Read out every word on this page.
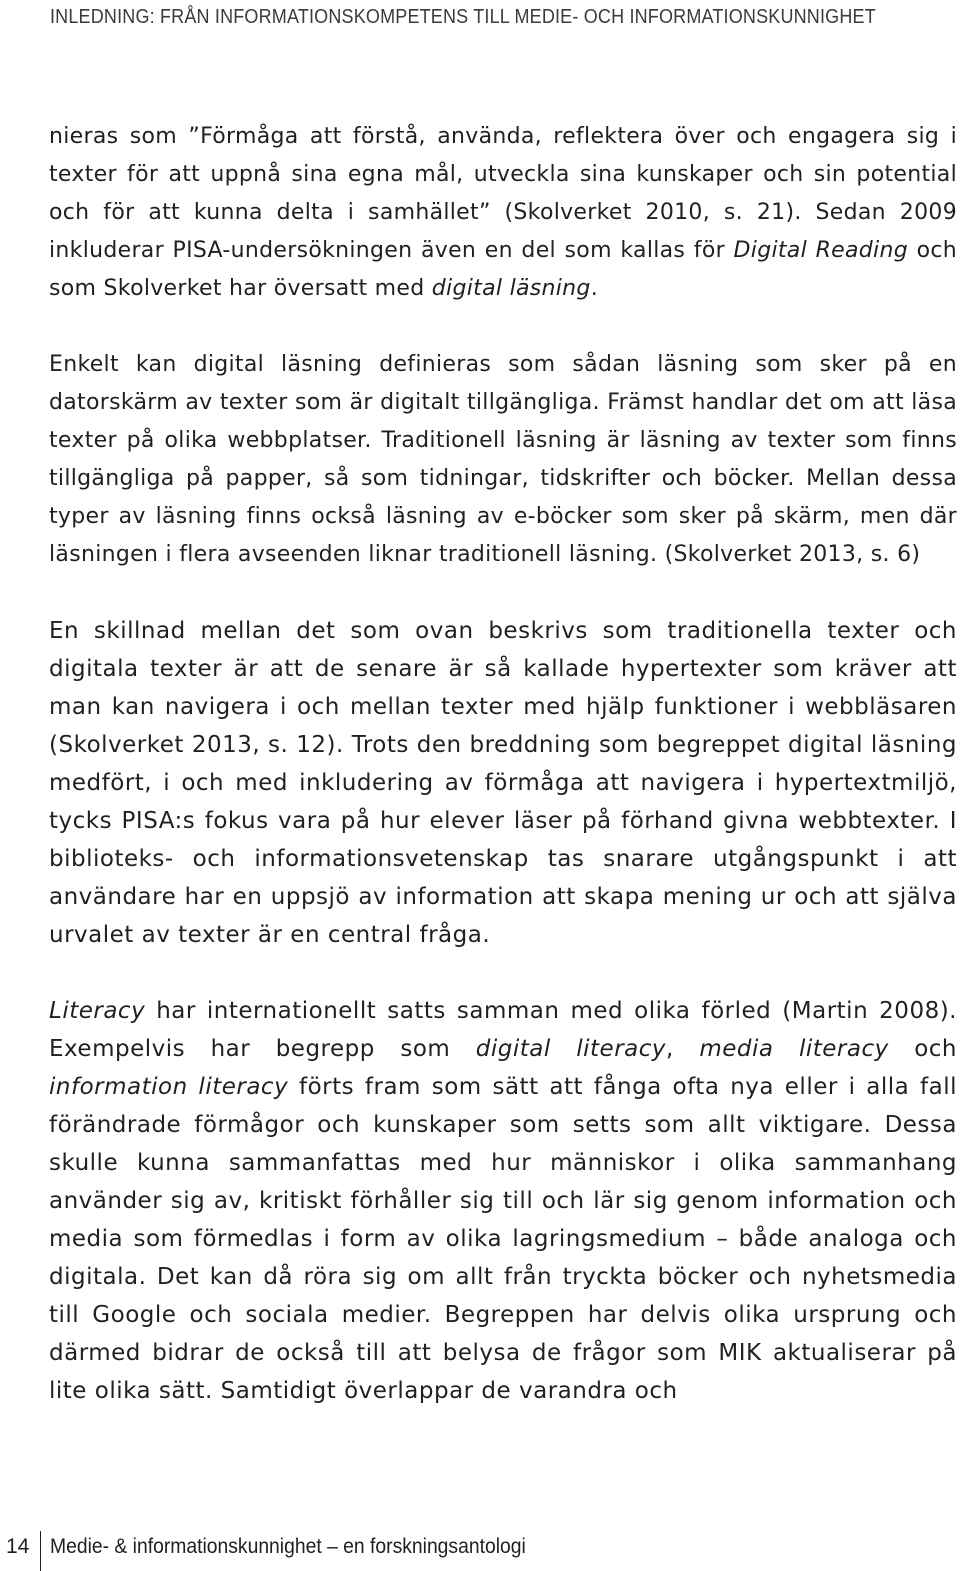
INLEDNING: FRÅN INFORMATIONSKOMPETENS TILL MEDIE- OCH INFORMATIONSKUNNIGHET

nieras som ”Förmåga att förstå, använda, reflektera över och engagera sig i texter för att uppnå sina egna mål, utveckla sina kunskaper och sin potential och för att kunna delta i samhället” (Skolverket 2010, s. 21). Sedan 2009 inkluderar PISA-undersökningen även en del som kallas för Digital Reading och som Skolverket har översatt med digital läsning.

Enkelt kan digital läsning definieras som sådan läsning som sker på en datorskärm av texter som är digitalt tillgängliga. Främst handlar det om att läsa texter på olika webbplatser. Traditionell läsning är läsning av texter som finns tillgängliga på papper, så som tidningar, tidskrifter och böcker. Mellan dessa typer av läsning finns också läsning av e-böcker som sker på skärm, men där läsningen i flera avseenden liknar traditionell läsning. (Skolverket 2013, s. 6)

En skillnad mellan det som ovan beskrivs som traditionella texter och digitala texter är att de senare är så kallade hypertexter som kräver att man kan navigera i och mellan texter med hjälp funktioner i webbläsaren (Skolverket 2013, s. 12). Trots den breddning som begreppet digital läsning medfört, i och med inkludering av förmåga att navigera i hypertextmiljö, tycks PISA:s fokus vara på hur elever läser på förhand givna webbtexter. I biblioteks- och informationsvetenskap tas snarare utgångspunkt i att användare har en uppsjö av information att skapa mening ur och att själva urvalet av texter är en central fråga.

Literacy har internationellt satts samman med olika förled (Martin 2008). Exempelvis har begrepp som digital literacy, media literacy och information literacy förts fram som sätt att fånga ofta nya eller i alla fall förändrade förmågor och kunskaper som setts som allt viktigare. Dessa skulle kunna sammanfattas med hur människor i olika sammanhang använder sig av, kritiskt förhåller sig till och lär sig genom information och media som förmedlas i form av olika lagringsmedium – både analoga och digitala. Det kan då röra sig om allt från tryckta böcker och nyhetsmedia till Google och sociala medier. Begreppen har delvis olika ursprung och därmed bidrar de också till att belysa de frågor som MIK aktualiserar på lite olika sätt. Samtidigt överlappar de varandra och

14 Medie- & informationskunnighet – en forskningsantologi
